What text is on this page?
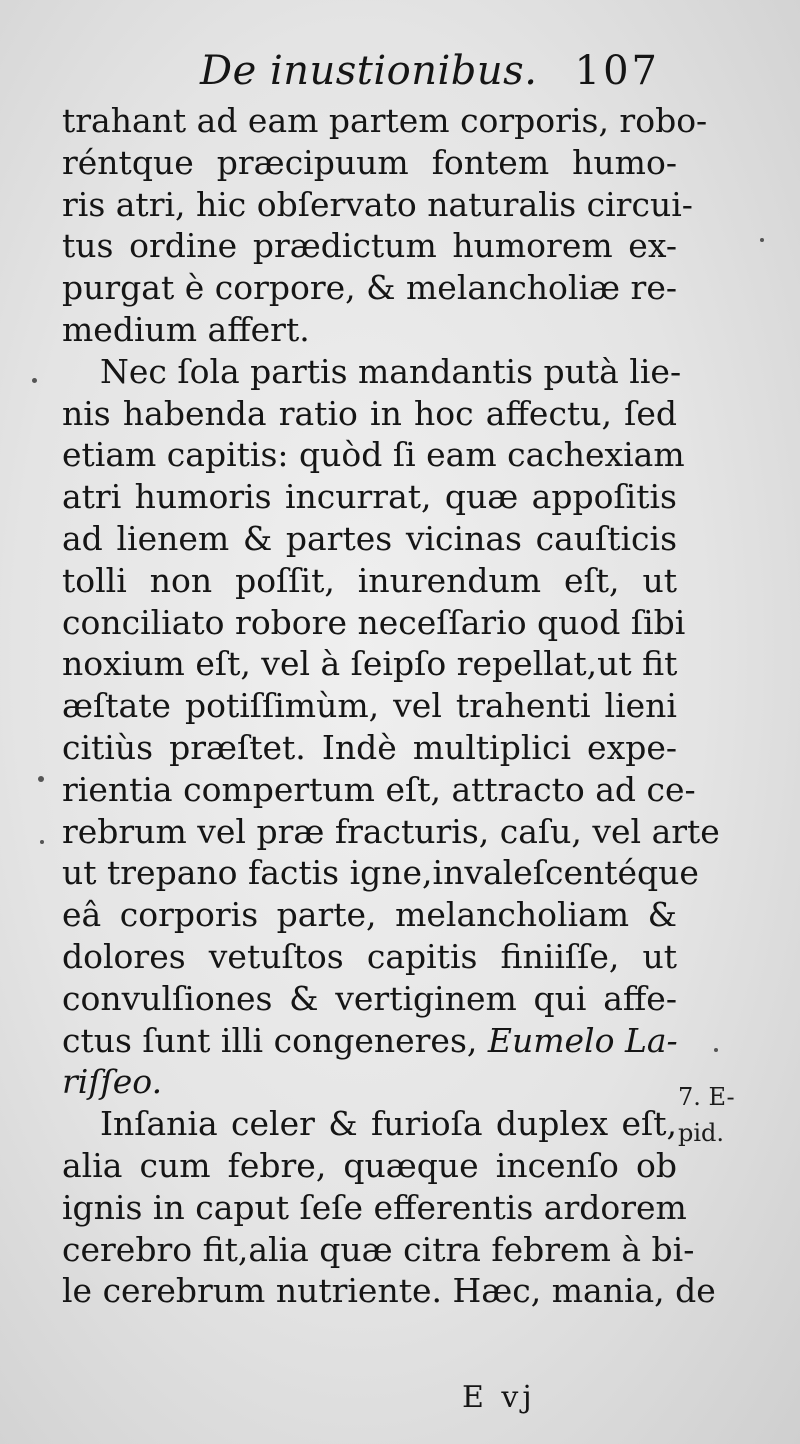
De inustionibus. 107
trahant ad eam partem corporis, robo-
réntque præcipuum fontem humo-
ris atri, hic obſervato naturalis circui-
tus ordine prædictum humorem ex-
purgat è corpore, & melancholiæ re-
medium affert.
Nec ſola partis mandantis putà lie-
nis habenda ratio in hoc affectu, ſed
etiam capitis: quòd ſi eam cachexiam
atri humoris incurrat, quæ appoſitis
ad lienem & partes vicinas cauſticis
tolli non poſſit, inurendum eſt, ut
conciliato robore neceſſario quod ſibi
noxium eſt, vel à ſeipſo repellat,ut fit
æſtate potiſſimùm, vel trahenti lieni
citiùs præſtet. Indè multiplici expe-
rientia compertum eſt, attracto ad ce-
rebrum vel præ fracturis, caſu, vel arte
ut trepano factis igne,invaleſcentéque
eâ corporis parte, melancholiam &
dolores vetuſtos capitis finiiſſe, ut
convulſiones & vertiginem qui affe-
ctus ſunt illi congeneres, Eumelo La-
riſſeo.
Inſania celer & furioſa duplex eſt,
alia cum febre, quæque incenſo ob
ignis in caput ſeſe efferentis ardorem
cerebro fit,alia quæ citra febrem à bi-
le cerebrum nutriente. Hæc, mania, de
7. E-
pid.
E vj
